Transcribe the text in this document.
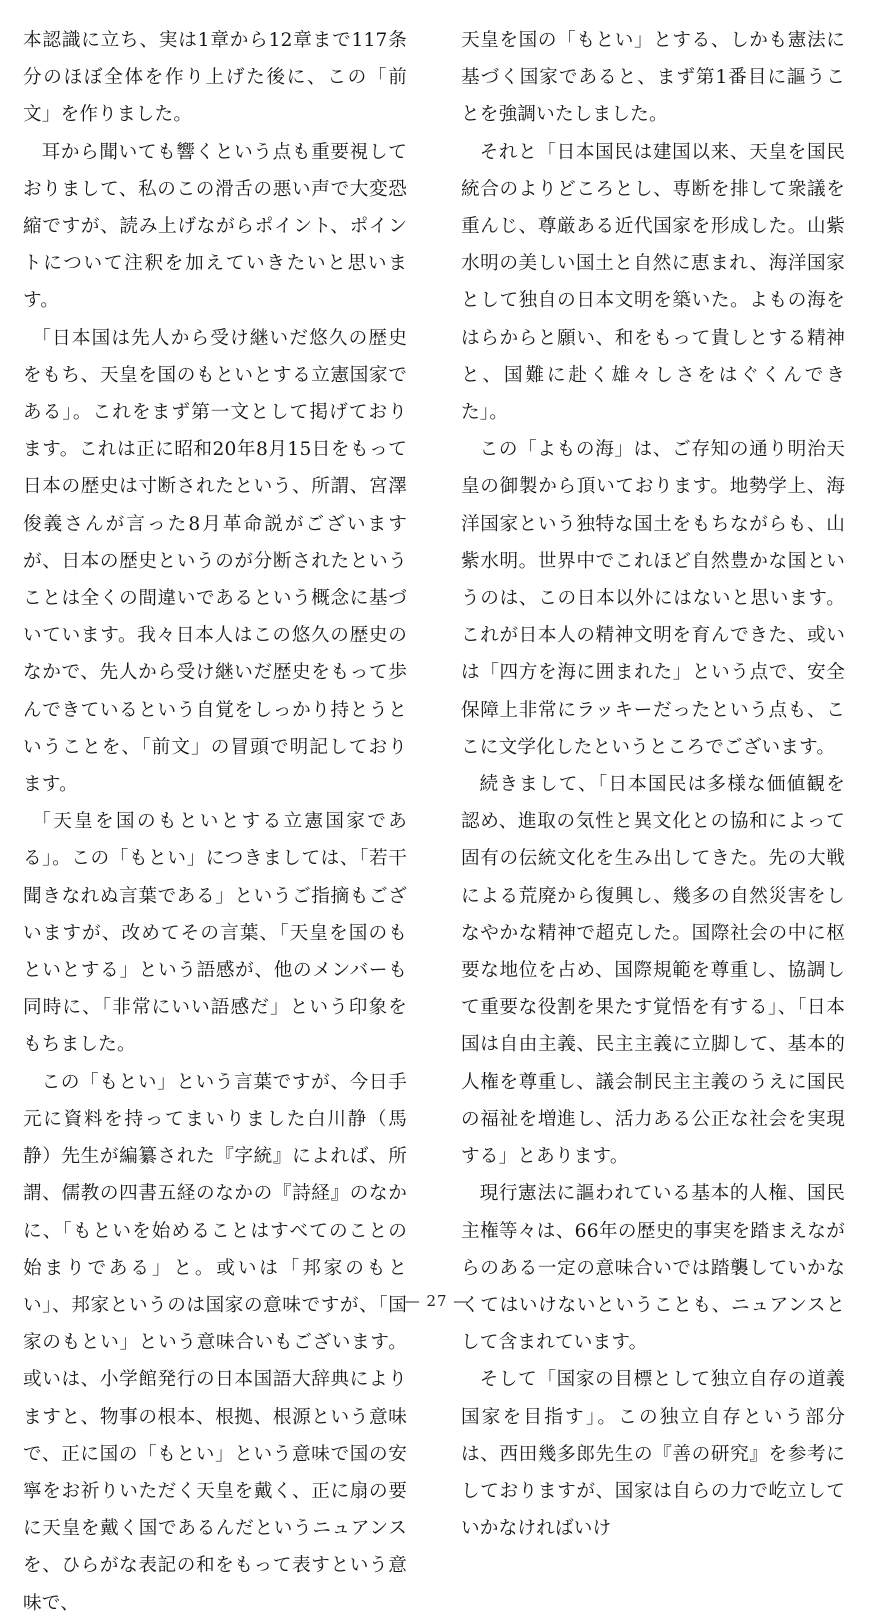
本認識に立ち、実は1章から12章まで117条分のほぼ全体を作り上げた後に、この「前文」を作りました。

耳から聞いても響くという点も重要視しておりまして、私のこの滑舌の悪い声で大変恐縮ですが、読み上げながらポイント、ポイントについて注釈を加えていきたいと思います。

「日本国は先人から受け継いだ悠久の歴史をもち、天皇を国のもといとする立憲国家である」。これをまず第一文として掲げております。これは正に昭和20年8月15日をもって日本の歴史は寸断されたという、所謂、宮澤俊義さんが言った8月革命説がございますが、日本の歴史というのが分断されたということは全くの間違いであるという概念に基づいています。我々日本人はこの悠久の歴史のなかで、先人から受け継いだ歴史をもって歩んできているという自覚をしっかり持とうということを、「前文」の冒頭で明記しております。

「天皇を国のもといとする立憲国家である」。この「もとい」につきましては、「若干聞きなれぬ言葉である」というご指摘もございますが、改めてその言葉、「天皇を国のもといとする」という語感が、他のメンバーも同時に、「非常にいい語感だ」という印象をもちました。

この「もとい」という言葉ですが、今日手元に資料を持ってまいりました白川静（馬静）先生が編纂された『字統』によれば、所謂、儒教の四書五経のなかの『詩経』のなかに、「もといを始めることはすべてのことの始まりである」と。或いは「邦家のもとい」、邦家というのは国家の意味ですが、「国家のもとい」という意味合いもございます。或いは、小学館発行の日本国語大辞典によりますと、物事の根本、根拠、根源という意味で、正に国の「もとい」という意味で国の安寧をお祈りいただく天皇を戴く、正に扇の要に天皇を戴く国であるんだというニュアンスを、ひらがな表記の和をもって表すという意味で、

天皇を国の「もとい」とする、しかも憲法に基づく国家であると、まず第1番目に謳うことを強調いたしました。

それと「日本国民は建国以来、天皇を国民統合のよりどころとし、専断を排して衆議を重んじ、尊厳ある近代国家を形成した。山紫水明の美しい国土と自然に恵まれ、海洋国家として独自の日本文明を築いた。よもの海をはらからと願い、和をもって貴しとする精神と、国難に赴く雄々しさをはぐくんできた」。

この「よもの海」は、ご存知の通り明治天皇の御製から頂いております。地勢学上、海洋国家という独特な国土をもちながらも、山紫水明。世界中でこれほど自然豊かな国というのは、この日本以外にはないと思います。これが日本人の精神文明を育んできた、或いは「四方を海に囲まれた」という点で、安全保障上非常にラッキーだったという点も、ここに文学化したというところでございます。

続きまして、「日本国民は多様な価値観を認め、進取の気性と異文化との協和によって固有の伝統文化を生み出してきた。先の大戦による荒廃から復興し、幾多の自然災害をしなやかな精神で超克した。国際社会の中に枢要な地位を占め、国際規範を尊重し、協調して重要な役割を果たす覚悟を有する」、「日本国は自由主義、民主主義に立脚して、基本的人権を尊重し、議会制民主主義のうえに国民の福祉を増進し、活力ある公正な社会を実現する」とあります。

現行憲法に謳われている基本的人権、国民主権等々は、66年の歴史的事実を踏まえながらのある一定の意味合いでは踏襲していかなくてはいけないということも、ニュアンスとして含まれています。

そして「国家の目標として独立自存の道義国家を目指す」。この独立自存という部分は、西田幾多郎先生の『善の研究』を参考にしておりますが、国家は自らの力で屹立していかなければいけ

— 27 —
